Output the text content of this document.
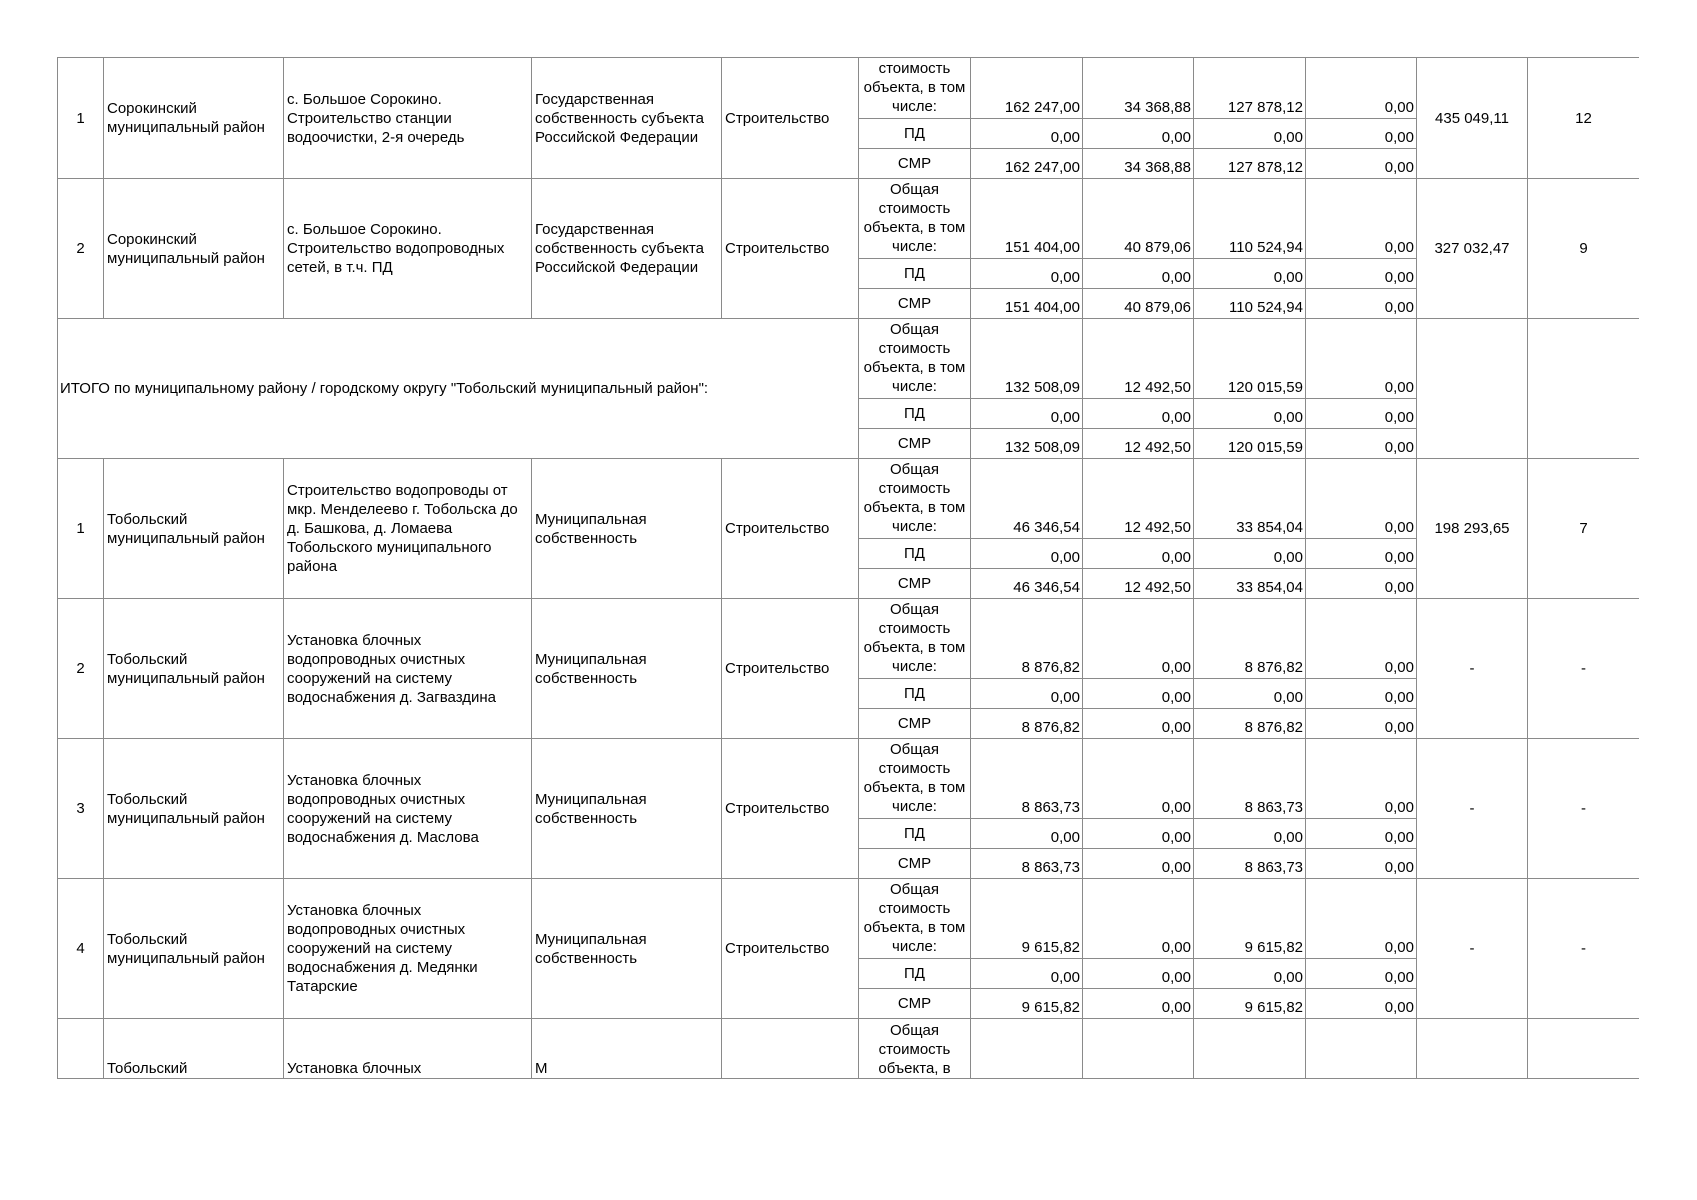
1	Сорокинский муниципальный район	с. Большое Сорокино. Строительство станции водоочистки, 2-я очередь	Государственная собственность субъекта Российской Федерации	Строительство	стоимость объекта, в том числе:	162 247,00	34 368,88	127 878,12	0,00	435 049,11	12
					ПД	0,00	0,00	0,00	0,00		
					СМР	162 247,00	34 368,88	127 878,12	0,00		
2	Сорокинский муниципальный район	с. Большое Сорокино. Строительство водопроводных сетей, в т.ч. ПД	Государственная собственность субъекта Российской Федерации	Строительство	Общая стоимость объекта, в том числе:	151 404,00	40 879,06	110 524,94	0,00	327 032,47	9
					ПД	0,00	0,00	0,00	0,00		
					СМР	151 404,00	40 879,06	110 524,94	0,00		
ИТОГО по муниципальному району / городскому округу "Тобольский муниципальный район":					Общая стоимость объекта, в том числе:	132 508,09	12 492,50	120 015,59	0,00		
					ПД	0,00	0,00	0,00	0,00		
					СМР	132 508,09	12 492,50	120 015,59	0,00		
1	Тобольский муниципальный район	Строительство водопроводы от мкр. Менделеево г. Тобольска до д. Башкова, д. Ломаева Тобольского муниципального района	Муниципальная собственность	Строительство	Общая стоимость объекта, в том числе:	46 346,54	12 492,50	33 854,04	0,00	198 293,65	7
					ПД	0,00	0,00	0,00	0,00		
					СМР	46 346,54	12 492,50	33 854,04	0,00		
2	Тобольский муниципальный район	Установка блочных водопроводных очистных сооружений на систему водоснабжения д. Загваздина	Муниципальная собственность	Строительство	Общая стоимость объекта, в том числе:	8 876,82	0,00	8 876,82	0,00	-	-
					ПД	0,00	0,00	0,00	0,00		
					СМР	8 876,82	0,00	8 876,82	0,00		
3	Тобольский муниципальный район	Установка блочных водопроводных очистных сооружений на систему водоснабжения д. Маслова	Муниципальная собственность	Строительство	Общая стоимость объекта, в том числе:	8 863,73	0,00	8 863,73	0,00	-	-
					ПД	0,00	0,00	0,00	0,00		
					СМР	8 863,73	0,00	8 863,73	0,00		
4	Тобольский муниципальный район	Установка блочных водопроводных очистных сооружений на систему водоснабжения д. Медянки Татарские	Муниципальная собственность	Строительство	Общая стоимость объекта, в том числе:	9 615,82	0,00	9 615,82	0,00	-	-
					ПД	0,00	0,00	0,00	0,00		
					СМР	9 615,82	0,00	9 615,82	0,00		
	Тобольский	Установка блочных	М		Общая стоимость объекта, в						
